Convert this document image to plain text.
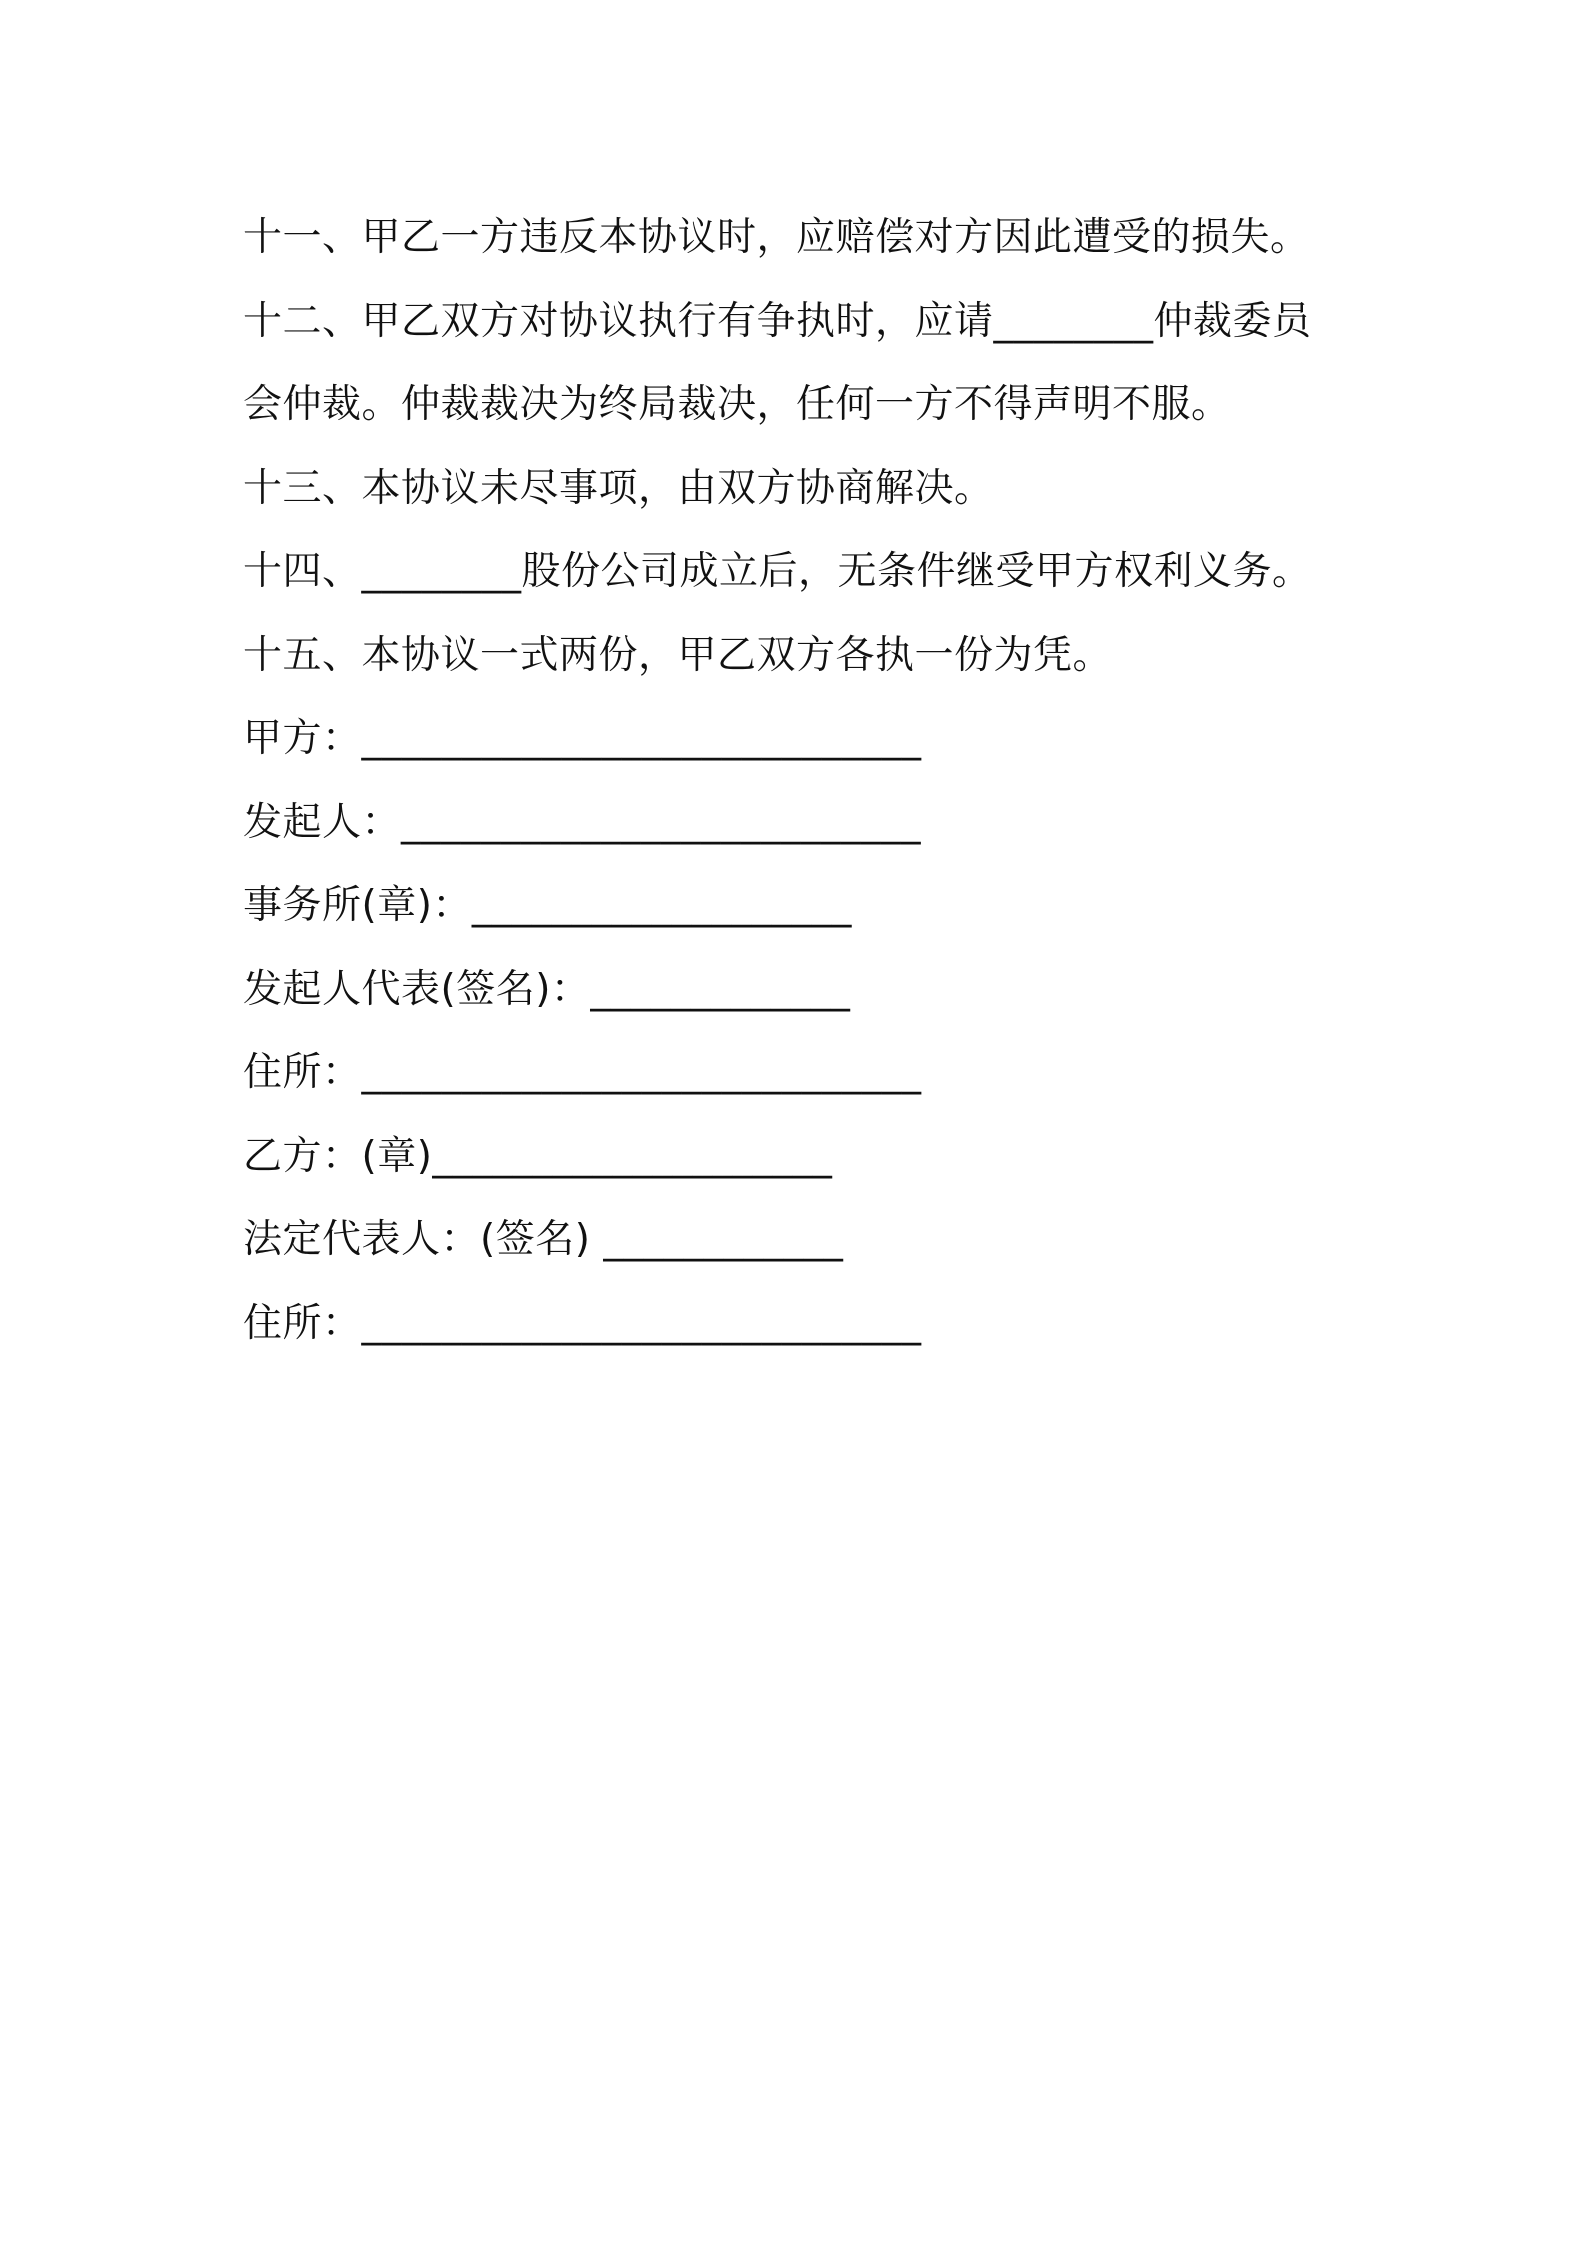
十一、甲乙一方违反本协议时，应赔偿对方因此遭受的损失。
十二、甲乙双方对协议执行有争执时，应请________仲裁委员
会仲裁。仲裁裁决为终局裁决，任何一方不得声明不服。
十三、本协议未尽事项，由双方协商解决。
十四、________股份公司成立后，无条件继受甲方权利义务。
十五、本协议一式两份，甲乙双方各执一份为凭。
甲方：____________________________
发起人：__________________________
事务所(章)：___________________
发起人代表(签名)：_____________
住所：____________________________
乙方：(章)____________________
法定代表人：(签名) ____________
住所：____________________________
